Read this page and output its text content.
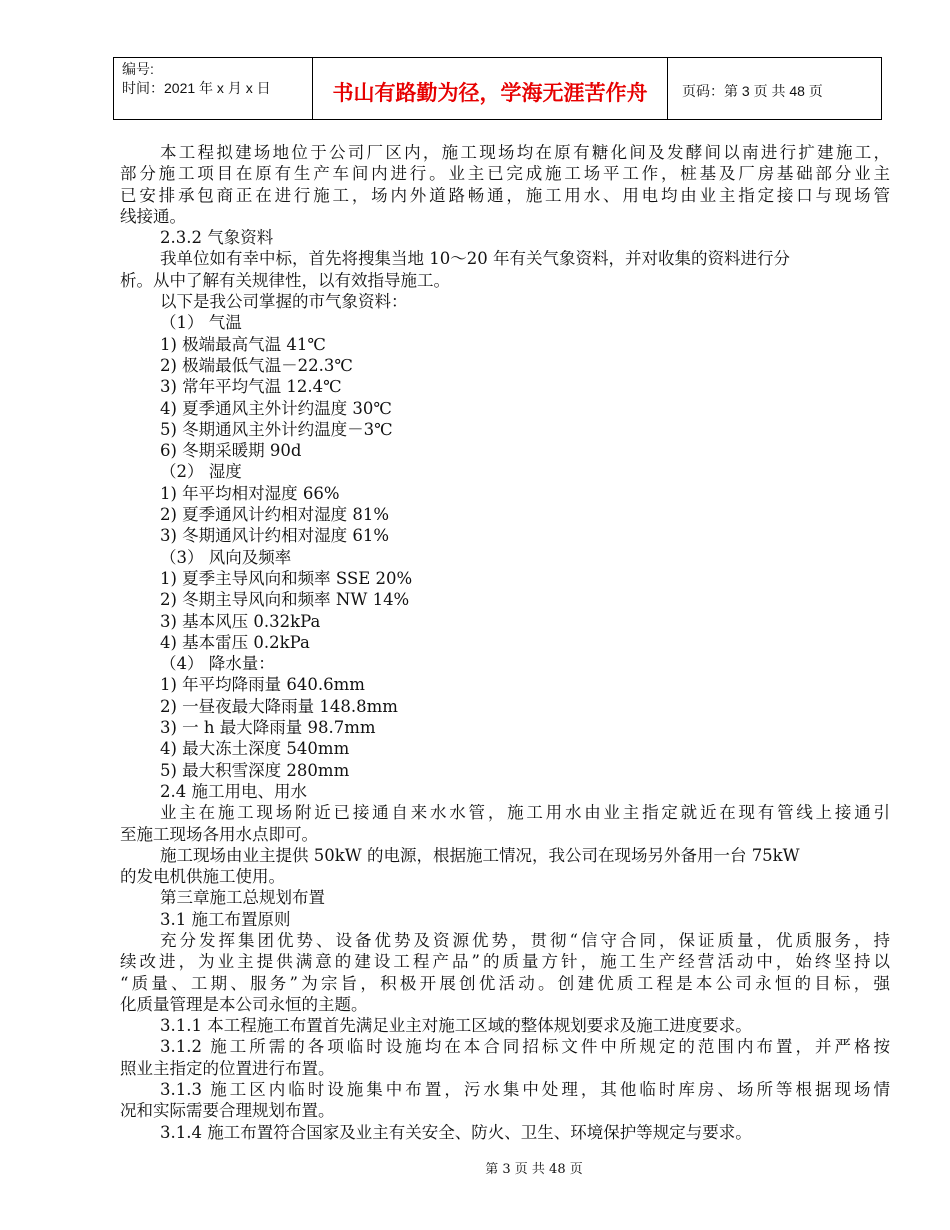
编号:
时间：2021 年 x 月 x 日	书山有路勤为径，学海无涯苦作舟	页码：第 3 页 共 48 页
本工程拟建场地位于公司厂区内，施工现场均在原有糖化间及发酵间以南进行扩建施工，
部分施工项目在原有生产车间内进行。业主已完成施工场平工作，桩基及厂房基础部分业主
已安排承包商正在进行施工，场内外道路畅通，施工用水、用电均由业主指定接口与现场管
线接通。
2.3.2 气象资料
我单位如有幸中标，首先将搜集当地 10～20 年有关气象资料，并对收集的资料进行分
析。从中了解有关规律性，以有效指导施工。
以下是我公司掌握的市气象资料：
（1） 气温
1) 极端最高气温 41℃
2) 极端最低气温－22.3℃
3) 常年平均气温 12.4℃
4) 夏季通风主外计约温度 30℃
5) 冬期通风主外计约温度－3℃
6) 冬期采暖期 90d
（2） 湿度
1) 年平均相对湿度 66%
2) 夏季通风计约相对湿度 81%
3) 冬期通风计约相对湿度 61%
（3） 风向及频率
1) 夏季主导风向和频率 SSE 20%
2) 冬期主导风向和频率 NW 14%
3) 基本风压 0.32kPa
4) 基本雷压 0.2kPa
（4） 降水量：
1) 年平均降雨量 640.6mm
2) 一昼夜最大降雨量 148.8mm
3) 一 h 最大降雨量 98.7mm
4) 最大冻土深度 540mm
5) 最大积雪深度 280mm
2.4 施工用电、用水
业主在施工现场附近已接通自来水水管，施工用水由业主指定就近在现有管线上接通引
至施工现场各用水点即可。
施工现场由业主提供 50kW 的电源，根据施工情况，我公司在现场另外备用一台 75kW
的发电机供施工使用。
第三章施工总规划布置
3.1 施工布置原则
充分发挥集团优势、设备优势及资源优势，贯彻“信守合同，保证质量，优质服务，持
续改进，为业主提供满意的建设工程产品”的质量方针，施工生产经营活动中，始终坚持以
“质量、工期、服务”为宗旨，积极开展创优活动。创建优质工程是本公司永恒的目标，强
化质量管理是本公司永恒的主题。
3.1.1 本工程施工布置首先满足业主对施工区域的整体规划要求及施工进度要求。
3.1.2 施工所需的各项临时设施均在本合同招标文件中所规定的范围内布置，并严格按
照业主指定的位置进行布置。
3.1.3 施工区内临时设施集中布置，污水集中处理，其他临时库房、场所等根据现场情
况和实际需要合理规划布置。
3.1.4 施工布置符合国家及业主有关安全、防火、卫生、环境保护等规定与要求。
第 3 页 共 48 页
